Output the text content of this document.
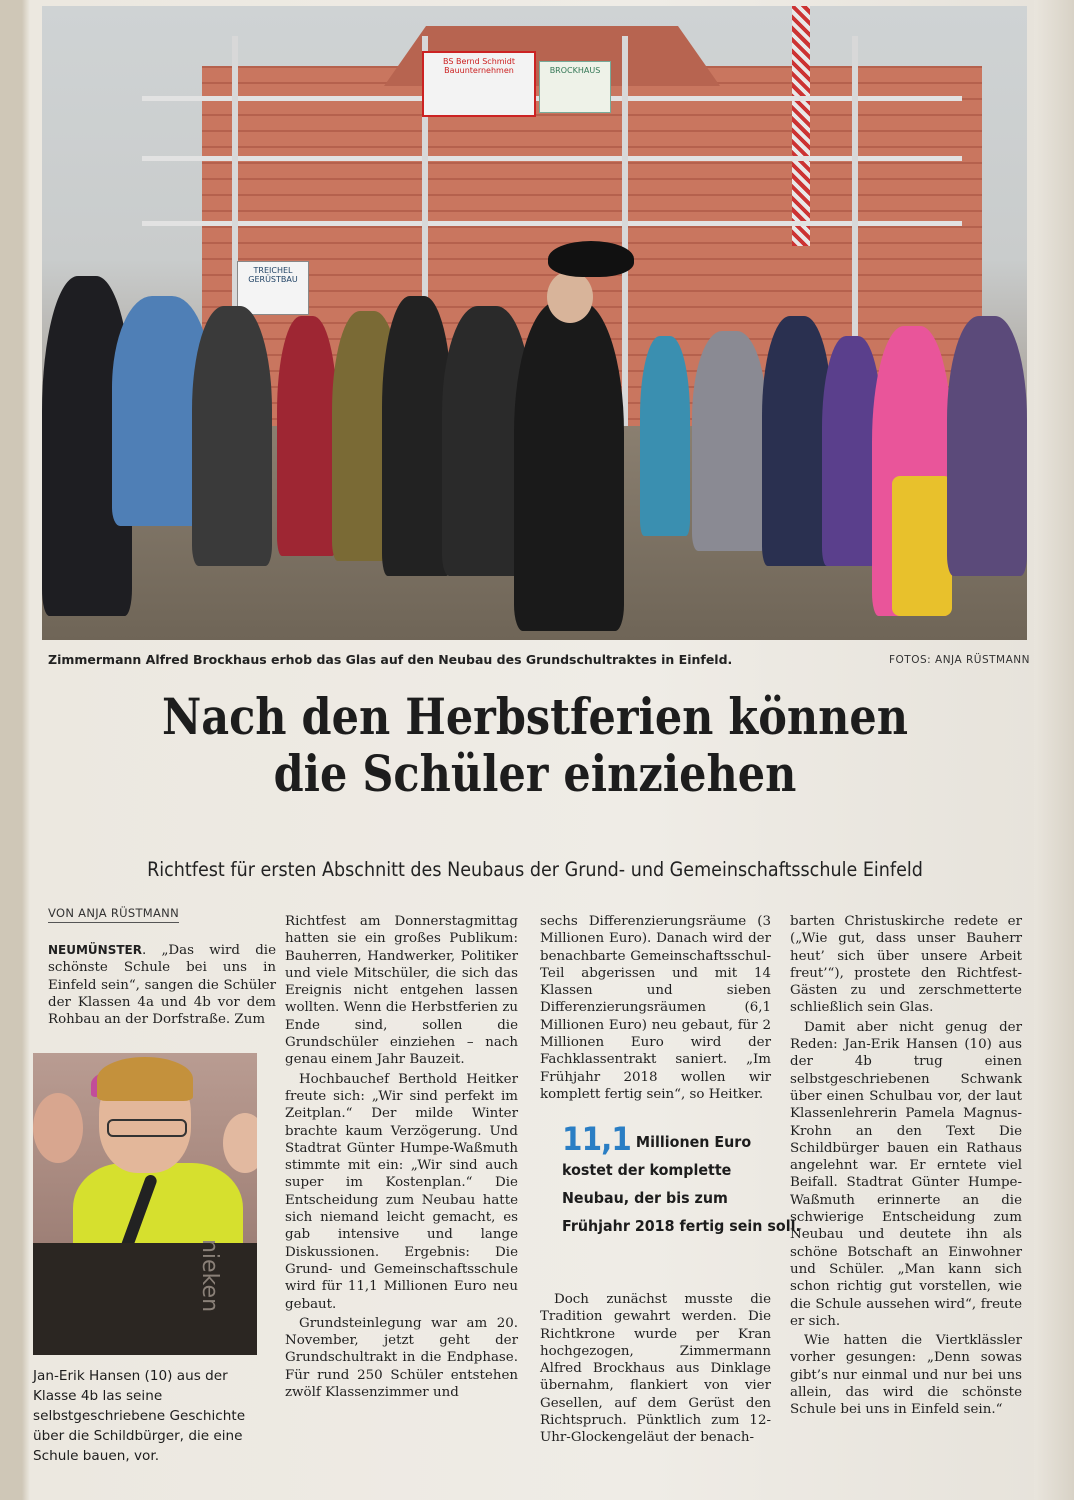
BS Bernd Schmidt Bauunternehmen	BROCKHAUS
TREICHEL GERÜSTBAU
Zimmermann Alfred Brockhaus erhob das Glas auf den Neubau des Grundschultraktes in Einfeld.	FOTOS: ANJA RÜSTMANN
Nach den Herbstferien können
die Schüler einziehen
Richtfest für ersten Abschnitt des Neubaus der Grund- und Gemeinschaftsschule Einfeld
VON ANJA RÜSTMANN

NEUMÜNSTER. „Das wird die schönste Schule bei uns in Einfeld sein“, sangen die Schüler der Klassen 4a und 4b vor dem Rohbau an der Dorfstraße. Zum

nieken
Jan-Erik Hansen (10) aus der Klasse 4b las seine selbstgeschriebene Geschichte über die Schildbürger, die eine Schule bauen, vor.

Richtfest am Donnerstagmittag hatten sie ein großes Publikum: Bauherren, Handwerker, Politiker und viele Mitschüler, die sich das Ereignis nicht entgehen lassen wollten. Wenn die Herbstferien zu Ende sind, sollen die Grundschüler einziehen – nach genau einem Jahr Bauzeit.

Hochbauchef Berthold Heitker freute sich: „Wir sind perfekt im Zeitplan.“ Der milde Winter brachte kaum Verzögerung. Und Stadtrat Günter Humpe-Waßmuth stimmte mit ein: „Wir sind auch super im Kostenplan.“ Die Entscheidung zum Neubau hatte sich niemand leicht gemacht, es gab intensive und lange Diskussionen. Ergebnis: Die Grund- und Gemeinschaftsschule wird für 11,1 Millionen Euro neu gebaut.

Grundsteinlegung war am 20. November, jetzt geht der Grundschultrakt in die Endphase. Für rund 250 Schüler entstehen zwölf Klassenzimmer und

sechs Differenzierungsräume (3 Millionen Euro). Danach wird der benachbarte Gemeinschaftsschul-Teil abgerissen und mit 14 Klassen und sieben Differenzierungsräumen (6,1 Millionen Euro) neu gebaut, für 2 Millionen Euro wird der Fachklassentrakt saniert. „Im Frühjahr 2018 wollen wir komplett fertig sein“, so Heitker.

11,1 Millionen Euro
kostet der komplette
Neubau, der bis zum
Frühjahr 2018 fertig sein soll.

Doch zunächst musste die Tradition gewahrt werden. Die Richtkrone wurde per Kran hochgezogen, Zimmermann Alfred Brockhaus aus Dinklage übernahm, flankiert von vier Gesellen, auf dem Gerüst den Richtspruch. Pünktlich zum 12-Uhr-Glockengeläut der benach-

barten Christuskirche redete er („Wie gut, dass unser Bauherr heut’ sich über unsere Arbeit freut’“), prostete den Richtfest-Gästen zu und zerschmetterte schließlich sein Glas.

Damit aber nicht genug der Reden: Jan-Erik Hansen (10) aus der 4b trug einen selbstgeschriebenen Schwank über einen Schulbau vor, der laut Klassenlehrerin Pamela Magnus-Krohn an den Text Die Schildbürger bauen ein Rathaus angelehnt war. Er erntete viel Beifall. Stadtrat Günter Humpe-Waßmuth erinnerte an die schwierige Entscheidung zum Neubau und deutete ihn als schöne Botschaft an Einwohner und Schüler. „Man kann sich schon richtig gut vorstellen, wie die Schule aussehen wird“, freute er sich.

Wie hatten die Viertklässler vorher gesungen: „Denn sowas gibt’s nur einmal und nur bei uns allein, das wird die schönste Schule bei uns in Einfeld sein.“
